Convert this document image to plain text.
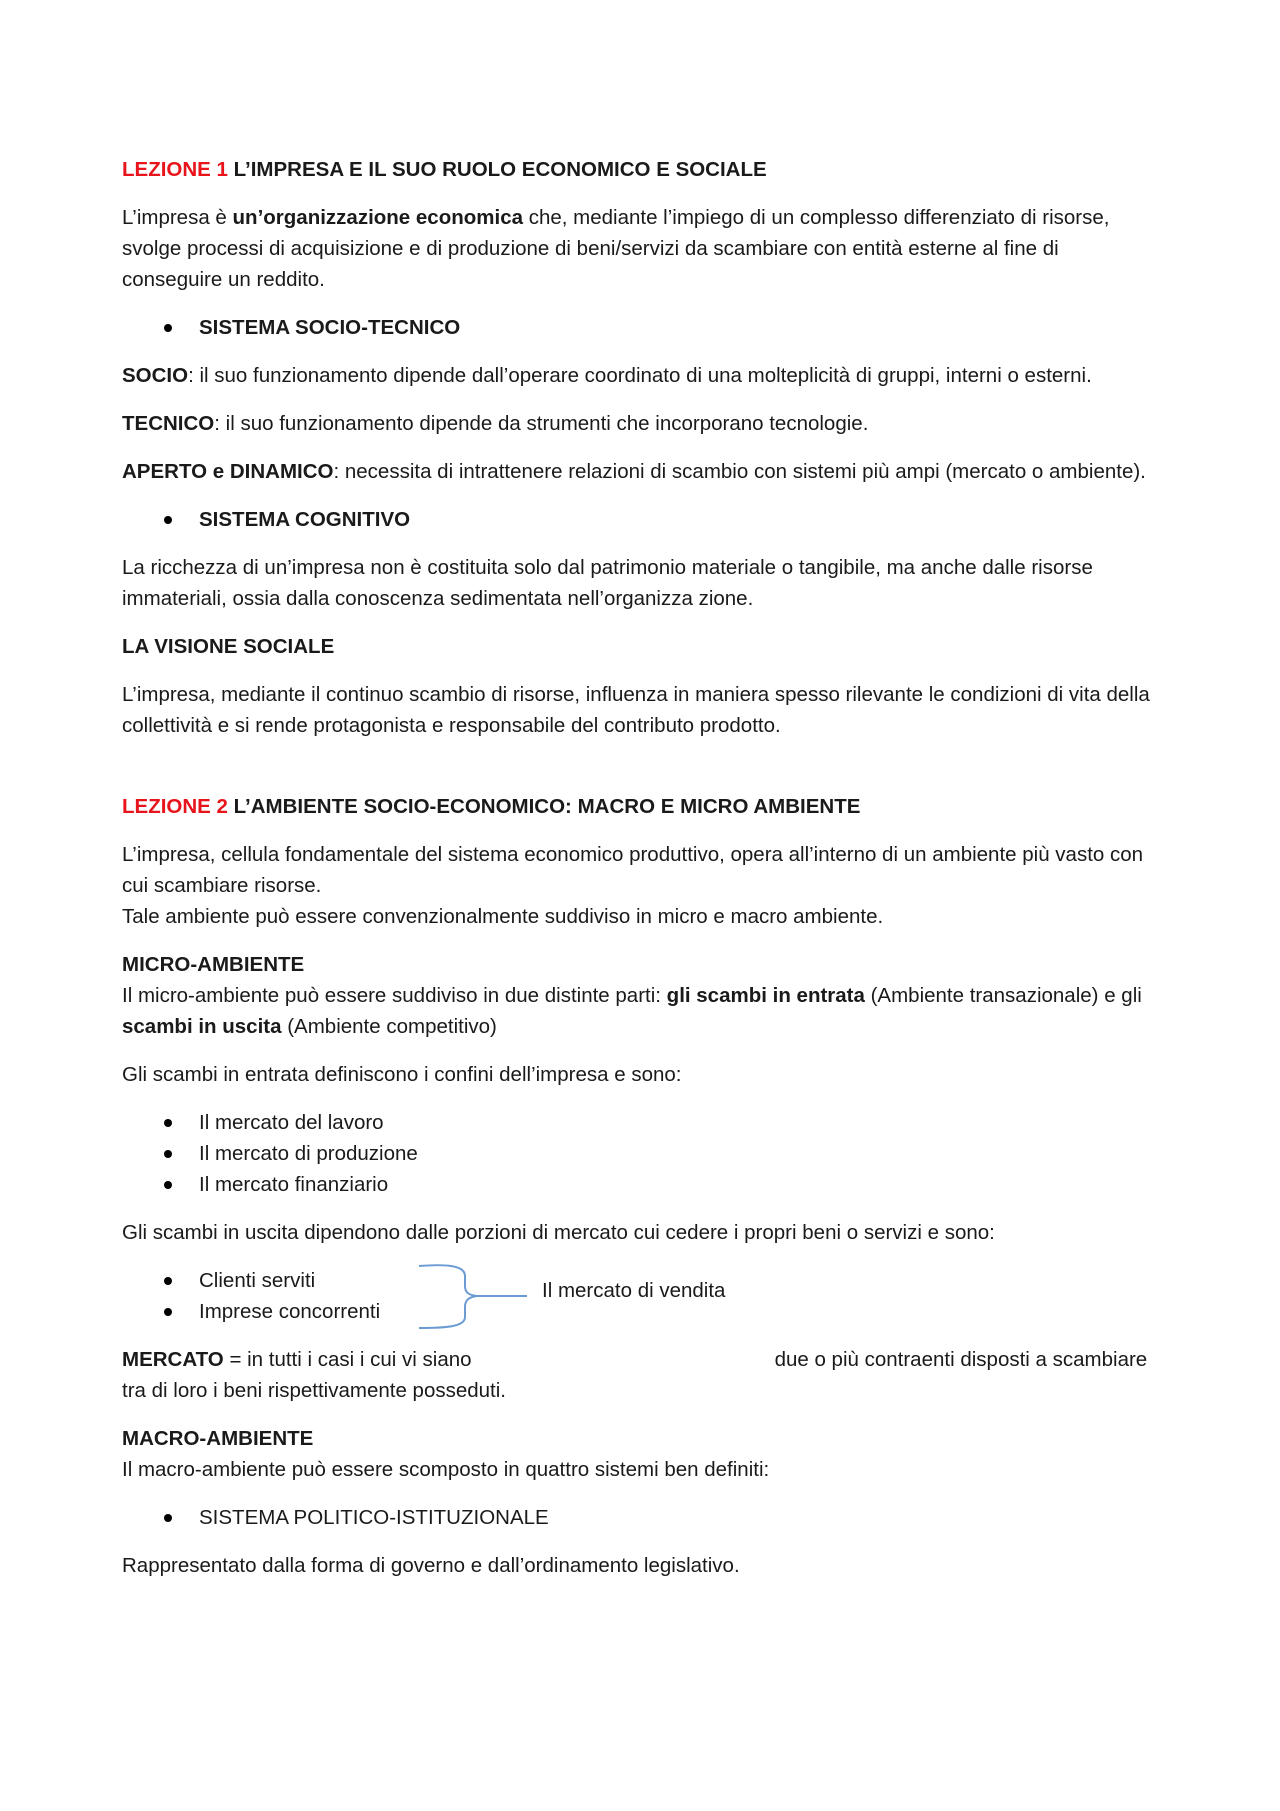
LEZIONE 1 L’IMPRESA E IL SUO RUOLO ECONOMICO E SOCIALE

L’impresa è un’organizzazione economica che, mediante l’impiego di un complesso differenziato di risorse, svolge processi di acquisizione e di produzione di beni/servizi da scambiare con entità esterne al fine di conseguire un reddito.

SISTEMA SOCIO-TECNICO

SOCIO: il suo funzionamento dipende dall’operare coordinato di una molteplicità di gruppi, interni o esterni.

TECNICO: il suo funzionamento dipende da strumenti che incorporano tecnologie.

APERTO e DINAMICO: necessita di intrattenere relazioni di scambio con sistemi più ampi (mercato o ambiente).

SISTEMA COGNITIVO

La ricchezza di un’impresa non è costituita solo dal patrimonio materiale o tangibile, ma anche dalle risorse immateriali, ossia dalla conoscenza sedimentata nell’organizza zione.

LA VISIONE SOCIALE

L’impresa, mediante il continuo scambio di risorse, influenza in maniera spesso rilevante le condizioni di vita della collettività e si rende protagonista e responsabile del contributo prodotto.

LEZIONE 2 L’AMBIENTE SOCIO-ECONOMICO: MACRO E MICRO AMBIENTE

L’impresa, cellula fondamentale del sistema economico produttivo, opera all’interno di un ambiente più vasto con cui scambiare risorse.
Tale ambiente può essere convenzionalmente suddiviso in micro e macro ambiente.

MICRO-AMBIENTE
Il micro-ambiente può essere suddiviso in due distinte parti: gli scambi in entrata (Ambiente transazionale) e gli scambi in uscita (Ambiente competitivo)

Gli scambi in entrata definiscono i confini dell’impresa e sono:

Il mercato del lavoro
Il mercato di produzione
Il mercato finanziario

Gli scambi in uscita dipendono dalle porzioni di mercato cui cedere i propri beni o servizi e sono:

Clienti serviti
Imprese concorrenti
Il mercato di vendita

MERCATO = in tutti i casi i cui vi siano	due o più contraenti disposti a scambiare tra di loro i beni rispettivamente posseduti.

MACRO-AMBIENTE
Il macro-ambiente può essere scomposto in quattro sistemi ben definiti:

SISTEMA POLITICO-ISTITUZIONALE

Rappresentato dalla forma di governo e dall’ordinamento legislativo.
